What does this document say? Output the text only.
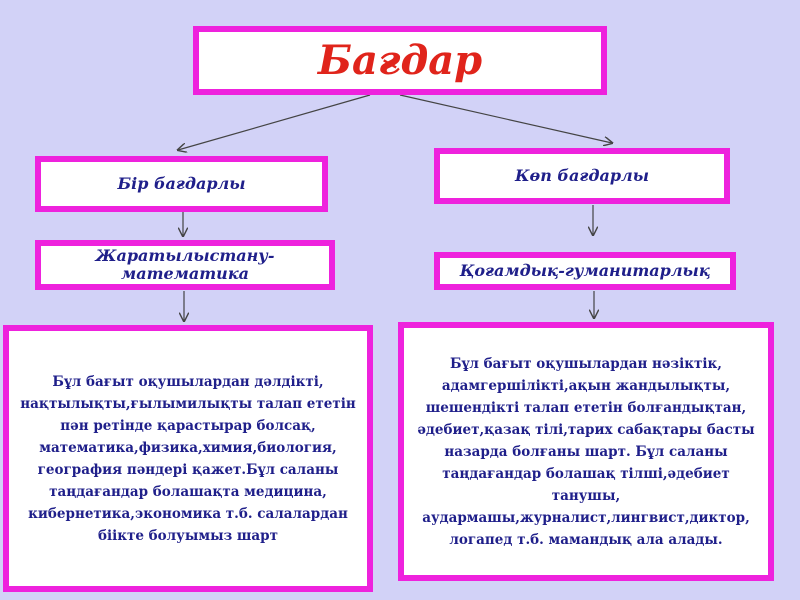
Бағдар
Бір бағдарлы	Көп бағдарлы
Жаратылыстану-математика	Қоғамдық-гуманитарлық
Бұл бағыт оқушылардан дәлдікті, нақтылықты,ғылымилықты талап ететін пән ретінде қарастырар болсақ, математика,физика,химия,биология, география пәндері қажет.Бұл саланы таңдағандар болашақта медицина, кибернетика,экономика т.б. салалардан біікте болуымыз шарт
Бұл бағыт оқушылардан нәзіктік, адамгершілікті,ақын жандылықты, шешендікті талап ететін болғандықтан, әдебиет,қазақ тілі,тарих сабақтары басты назарда болғаны шарт. Бұл саланы таңдағандар болашақ тілші,әдебиет танушы, аудармашы,журналист,лингвист,диктор, логапед т.б. мамандық ала алады.
